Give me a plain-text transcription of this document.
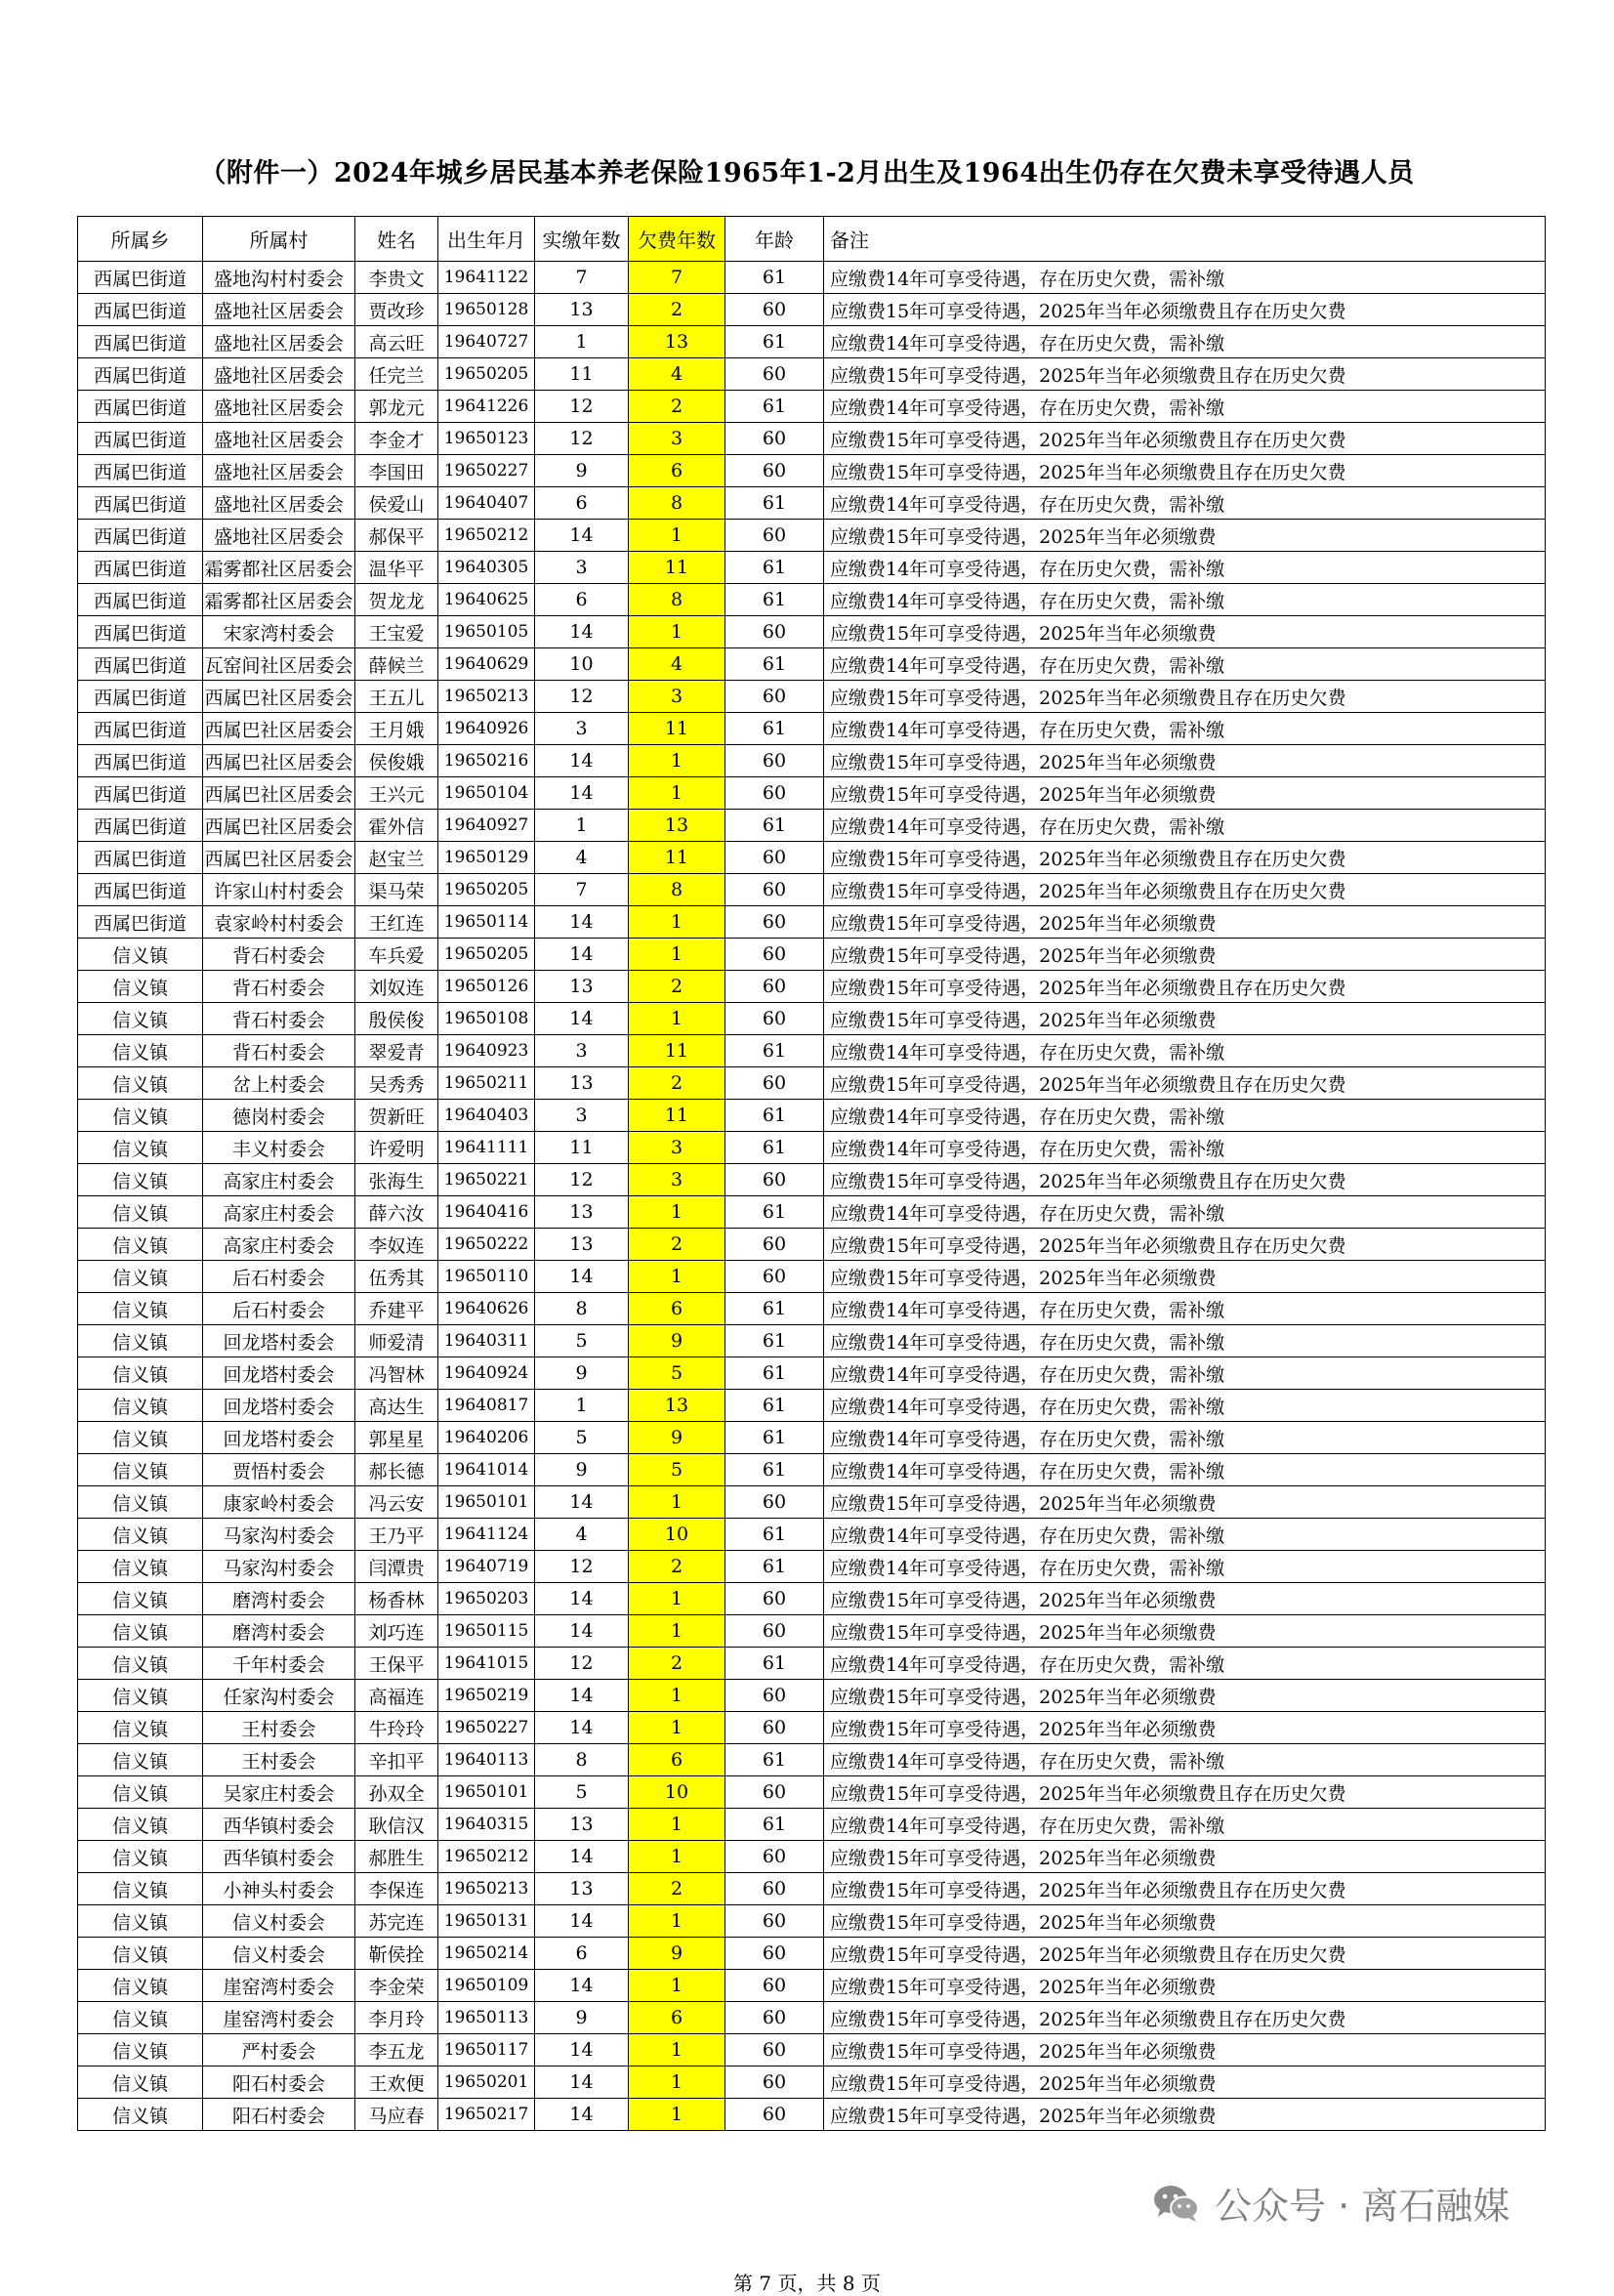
（附件一）2024年城乡居民基本养老保险1965年1-2月出生及1964出生仍存在欠费未享受待遇人员
所属乡	所属村	姓名	出生年月	实缴年数	欠费年数	年龄	备注
西属巴街道	盛地沟村村委会	李贵文	19641122	7	7	61	应缴费14年可享受待遇，存在历史欠费，需补缴
西属巴街道	盛地社区居委会	贾改珍	19650128	13	2	60	应缴费15年可享受待遇，2025年当年必须缴费且存在历史欠费
西属巴街道	盛地社区居委会	高云旺	19640727	1	13	61	应缴费14年可享受待遇，存在历史欠费，需补缴
西属巴街道	盛地社区居委会	任完兰	19650205	11	4	60	应缴费15年可享受待遇，2025年当年必须缴费且存在历史欠费
西属巴街道	盛地社区居委会	郭龙元	19641226	12	2	61	应缴费14年可享受待遇，存在历史欠费，需补缴
西属巴街道	盛地社区居委会	李金才	19650123	12	3	60	应缴费15年可享受待遇，2025年当年必须缴费且存在历史欠费
西属巴街道	盛地社区居委会	李国田	19650227	9	6	60	应缴费15年可享受待遇，2025年当年必须缴费且存在历史欠费
西属巴街道	盛地社区居委会	侯爱山	19640407	6	8	61	应缴费14年可享受待遇，存在历史欠费，需补缴
西属巴街道	盛地社区居委会	郝保平	19650212	14	1	60	应缴费15年可享受待遇，2025年当年必须缴费
西属巴街道	霜雾都社区居委会	温华平	19640305	3	11	61	应缴费14年可享受待遇，存在历史欠费，需补缴
西属巴街道	霜雾都社区居委会	贺龙龙	19640625	6	8	61	应缴费14年可享受待遇，存在历史欠费，需补缴
西属巴街道	宋家湾村委会	王宝爱	19650105	14	1	60	应缴费15年可享受待遇，2025年当年必须缴费
西属巴街道	瓦窑间社区居委会	薛候兰	19640629	10	4	61	应缴费14年可享受待遇，存在历史欠费，需补缴
西属巴街道	西属巴社区居委会	王五儿	19650213	12	3	60	应缴费15年可享受待遇，2025年当年必须缴费且存在历史欠费
西属巴街道	西属巴社区居委会	王月娥	19640926	3	11	61	应缴费14年可享受待遇，存在历史欠费，需补缴
西属巴街道	西属巴社区居委会	侯俊娥	19650216	14	1	60	应缴费15年可享受待遇，2025年当年必须缴费
西属巴街道	西属巴社区居委会	王兴元	19650104	14	1	60	应缴费15年可享受待遇，2025年当年必须缴费
西属巴街道	西属巴社区居委会	霍外信	19640927	1	13	61	应缴费14年可享受待遇，存在历史欠费，需补缴
西属巴街道	西属巴社区居委会	赵宝兰	19650129	4	11	60	应缴费15年可享受待遇，2025年当年必须缴费且存在历史欠费
西属巴街道	许家山村村委会	渠马荣	19650205	7	8	60	应缴费15年可享受待遇，2025年当年必须缴费且存在历史欠费
西属巴街道	袁家岭村村委会	王红连	19650114	14	1	60	应缴费15年可享受待遇，2025年当年必须缴费
信义镇	背石村委会	车兵爱	19650205	14	1	60	应缴费15年可享受待遇，2025年当年必须缴费
信义镇	背石村委会	刘奴连	19650126	13	2	60	应缴费15年可享受待遇，2025年当年必须缴费且存在历史欠费
信义镇	背石村委会	殷侯俊	19650108	14	1	60	应缴费15年可享受待遇，2025年当年必须缴费
信义镇	背石村委会	翠爱青	19640923	3	11	61	应缴费14年可享受待遇，存在历史欠费，需补缴
信义镇	岔上村委会	吴秀秀	19650211	13	2	60	应缴费15年可享受待遇，2025年当年必须缴费且存在历史欠费
信义镇	德岗村委会	贺新旺	19640403	3	11	61	应缴费14年可享受待遇，存在历史欠费，需补缴
信义镇	丰义村委会	许爱明	19641111	11	3	61	应缴费14年可享受待遇，存在历史欠费，需补缴
信义镇	高家庄村委会	张海生	19650221	12	3	60	应缴费15年可享受待遇，2025年当年必须缴费且存在历史欠费
信义镇	高家庄村委会	薛六汝	19640416	13	1	61	应缴费14年可享受待遇，存在历史欠费，需补缴
信义镇	高家庄村委会	李奴连	19650222	13	2	60	应缴费15年可享受待遇，2025年当年必须缴费且存在历史欠费
信义镇	后石村委会	伍秀其	19650110	14	1	60	应缴费15年可享受待遇，2025年当年必须缴费
信义镇	后石村委会	乔建平	19640626	8	6	61	应缴费14年可享受待遇，存在历史欠费，需补缴
信义镇	回龙塔村委会	师爱清	19640311	5	9	61	应缴费14年可享受待遇，存在历史欠费，需补缴
信义镇	回龙塔村委会	冯智林	19640924	9	5	61	应缴费14年可享受待遇，存在历史欠费，需补缴
信义镇	回龙塔村委会	高达生	19640817	1	13	61	应缴费14年可享受待遇，存在历史欠费，需补缴
信义镇	回龙塔村委会	郭星星	19640206	5	9	61	应缴费14年可享受待遇，存在历史欠费，需补缴
信义镇	贾悟村委会	郝长德	19641014	9	5	61	应缴费14年可享受待遇，存在历史欠费，需补缴
信义镇	康家岭村委会	冯云安	19650101	14	1	60	应缴费15年可享受待遇，2025年当年必须缴费
信义镇	马家沟村委会	王乃平	19641124	4	10	61	应缴费14年可享受待遇，存在历史欠费，需补缴
信义镇	马家沟村委会	闫潭贵	19640719	12	2	61	应缴费14年可享受待遇，存在历史欠费，需补缴
信义镇	磨湾村委会	杨香林	19650203	14	1	60	应缴费15年可享受待遇，2025年当年必须缴费
信义镇	磨湾村委会	刘巧连	19650115	14	1	60	应缴费15年可享受待遇，2025年当年必须缴费
信义镇	千年村委会	王保平	19641015	12	2	61	应缴费14年可享受待遇，存在历史欠费，需补缴
信义镇	任家沟村委会	高福连	19650219	14	1	60	应缴费15年可享受待遇，2025年当年必须缴费
信义镇	王村委会	牛玲玲	19650227	14	1	60	应缴费15年可享受待遇，2025年当年必须缴费
信义镇	王村委会	辛扣平	19640113	8	6	61	应缴费14年可享受待遇，存在历史欠费，需补缴
信义镇	吴家庄村委会	孙双全	19650101	5	10	60	应缴费15年可享受待遇，2025年当年必须缴费且存在历史欠费
信义镇	西华镇村委会	耿信汉	19640315	13	1	61	应缴费14年可享受待遇，存在历史欠费，需补缴
信义镇	西华镇村委会	郝胜生	19650212	14	1	60	应缴费15年可享受待遇，2025年当年必须缴费
信义镇	小神头村委会	李保连	19650213	13	2	60	应缴费15年可享受待遇，2025年当年必须缴费且存在历史欠费
信义镇	信义村委会	苏完连	19650131	14	1	60	应缴费15年可享受待遇，2025年当年必须缴费
信义镇	信义村委会	靳侯拴	19650214	6	9	60	应缴费15年可享受待遇，2025年当年必须缴费且存在历史欠费
信义镇	崖窑湾村委会	李金荣	19650109	14	1	60	应缴费15年可享受待遇，2025年当年必须缴费
信义镇	崖窑湾村委会	李月玲	19650113	9	6	60	应缴费15年可享受待遇，2025年当年必须缴费且存在历史欠费
信义镇	严村委会	李五龙	19650117	14	1	60	应缴费15年可享受待遇，2025年当年必须缴费
信义镇	阳石村委会	王欢便	19650201	14	1	60	应缴费15年可享受待遇，2025年当年必须缴费
信义镇	阳石村委会	马应春	19650217	14	1	60	应缴费15年可享受待遇，2025年当年必须缴费
第 7 页，共 8 页
公众号 · 离石融媒
